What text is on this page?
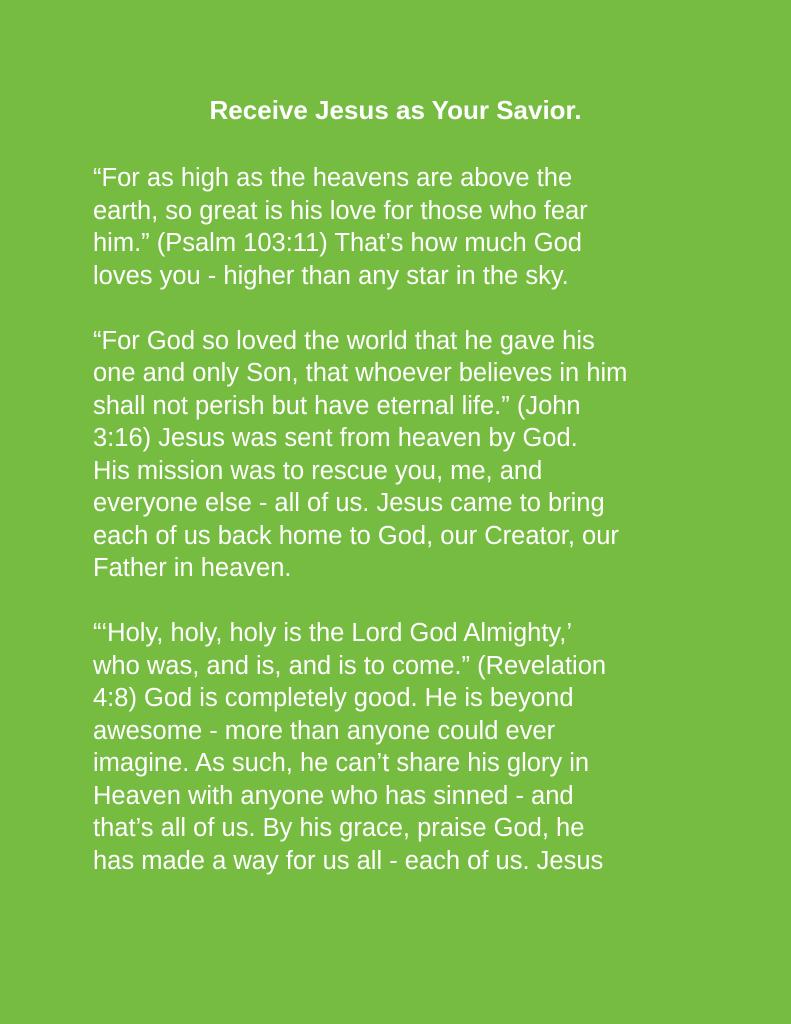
Receive Jesus as Your Savior.

“For as high as the heavens are above the
earth, so great is his love for those who fear
him.” (Psalm 103:11) That’s how much God
loves you - higher than any star in the sky.

“For God so loved the world that he gave his
one and only Son, that whoever believes in him
shall not perish but have eternal life.” (John
3:16) Jesus was sent from heaven by God.
His mission was to rescue you, me, and
everyone else - all of us. Jesus came to bring
each of us back home to God, our Creator, our
Father in heaven.

“‘Holy, holy, holy is the Lord God Almighty,’
who was, and is, and is to come.” (Revelation
4:8) God is completely good. He is beyond
awesome - more than anyone could ever
imagine. As such, he can’t share his glory in
Heaven with anyone who has sinned - and
that’s all of us. By his grace, praise God, he
has made a way for us all - each of us. Jesus
